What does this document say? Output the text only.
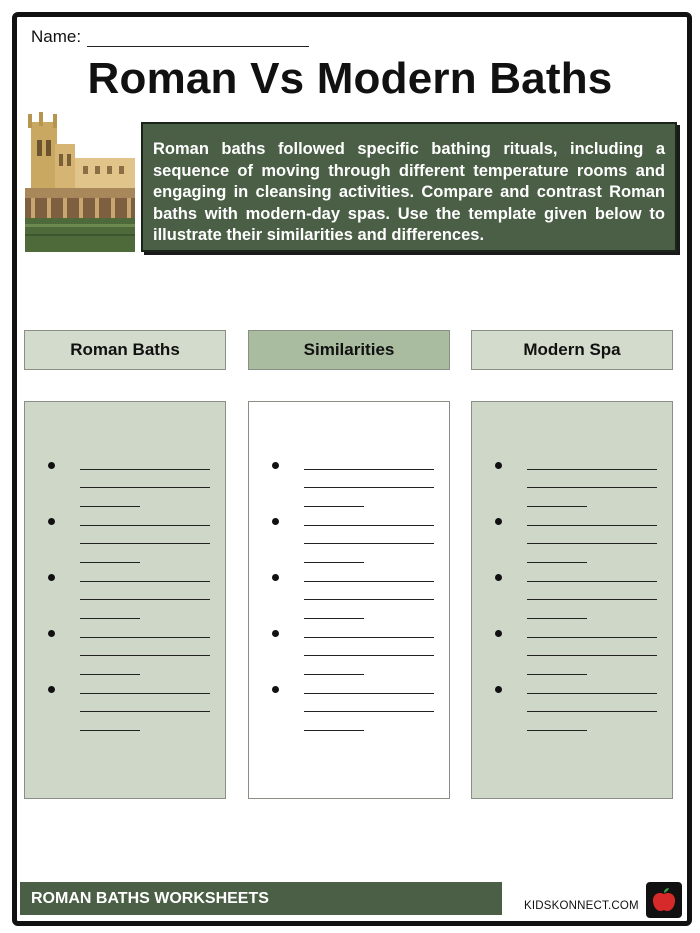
Name:
Roman Vs Modern Baths
Roman baths followed specific bathing rituals, including a sequence of moving through different temperature rooms and engaging in cleansing activities. Compare and contrast Roman baths with modern-day spas. Use the template given below to illustrate their similarities and differences.
Roman Baths	Similarities	Modern Spa
ROMAN BATHS WORKSHEETS	KIDSKONNECT.COM
